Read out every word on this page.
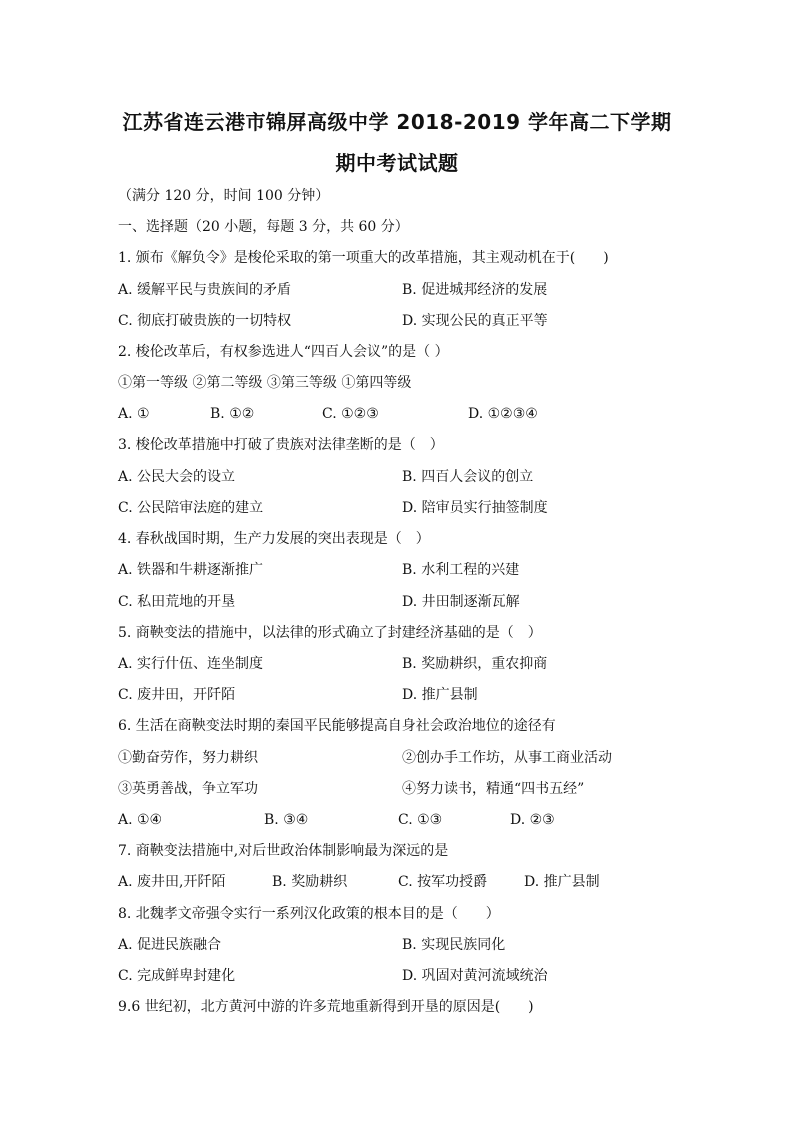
江苏省连云港市锦屏高级中学 2018-2019 学年高二下学期
期中考试试题
（满分 120 分，时间 100 分钟）
一、选择题（20 小题，每题 3 分，共 60 分）
1. 颁布《解负令》是梭伦采取的第一项重大的改革措施，其主观动机在于(　　)
A. 缓解平民与贵族间的矛盾	B. 促进城邦经济的发展
C. 彻底打破贵族的一切特权	D. 实现公民的真正平等
2. 梭伦改革后，有权参选进人“四百人会议”的是（ ）
①第一等级 ②第二等级 ③第三等级 ①第四等级
A. ①	B. ①②	C. ①②③	D. ①②③④
3. 梭伦改革措施中打破了贵族对法律垄断的是（　）
A. 公民大会的设立	B. 四百人会议的创立
C. 公民陪审法庭的建立	D. 陪审员实行抽签制度
4. 春秋战国时期，生产力发展的突出表现是（　）
A. 铁器和牛耕逐渐推广	B. 水利工程的兴建
C. 私田荒地的开垦	D. 井田制逐渐瓦解
5. 商鞅变法的措施中，以法律的形式确立了封建经济基础的是（　）
A. 实行什伍、连坐制度	B. 奖励耕织，重农抑商
C. 废井田，开阡陌	D. 推广县制
6. 生活在商鞅变法时期的秦国平民能够提高自身社会政治地位的途径有
①勤奋劳作，努力耕织	②创办手工作坊，从事工商业活动
③英勇善战，争立军功	④努力读书，精通“四书五经”
A. ①④	B. ③④	C. ①③	D. ②③
7. 商鞅变法措施中,对后世政治体制影响最为深远的是
A. 废井田,开阡陌	B. 奖励耕织	C. 按军功授爵	D. 推广县制
8. 北魏孝文帝强令实行一系列汉化政策的根本目的是（　　）
A. 促进民族融合	B. 实现民族同化
C. 完成鲜卑封建化	D. 巩固对黄河流域统治
9.6 世纪初，北方黄河中游的许多荒地重新得到开垦的原因是(　　)
